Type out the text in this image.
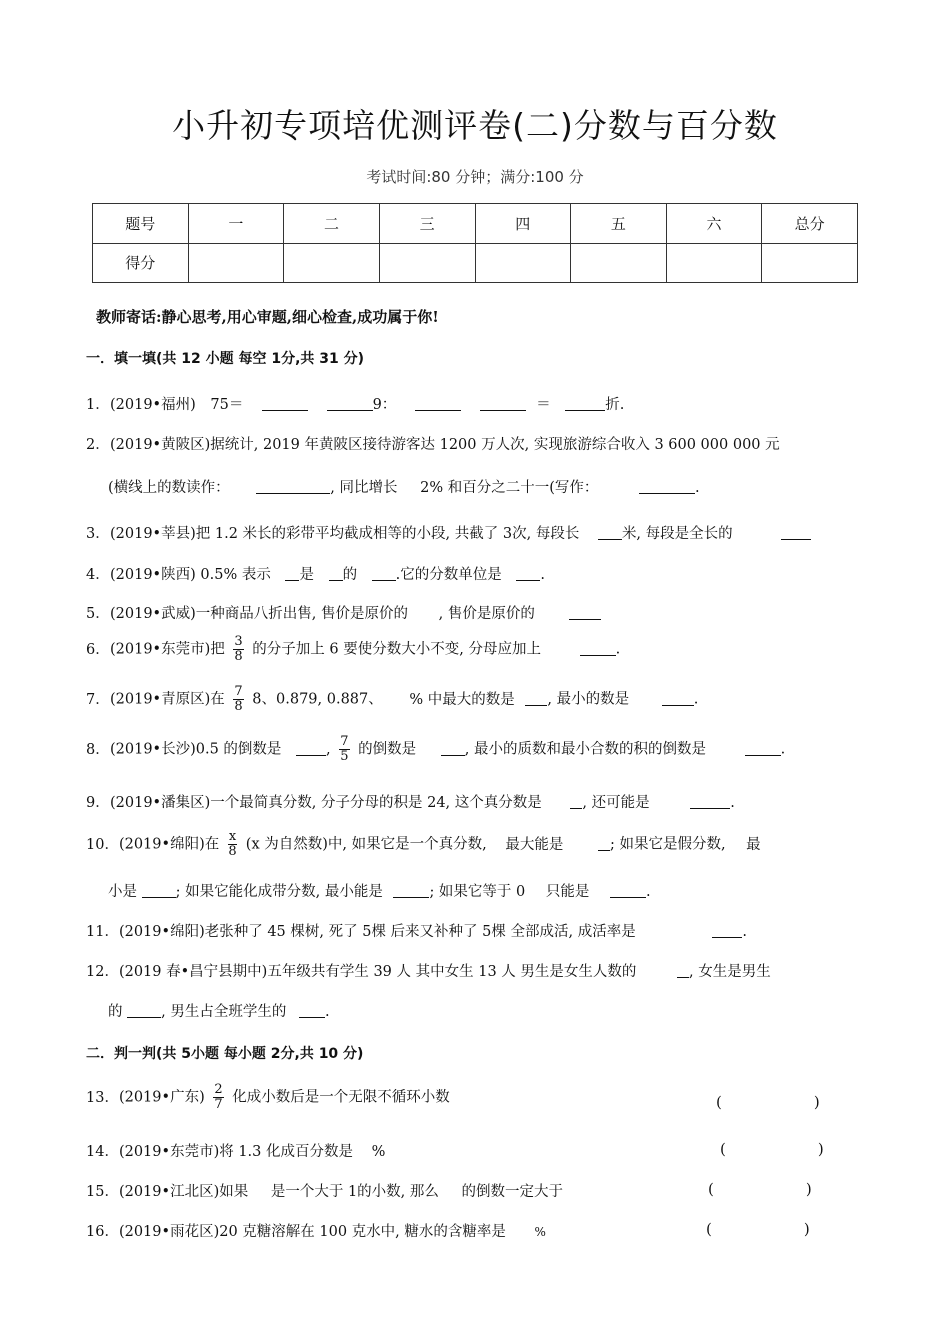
小升初专项培优测评卷(二)分数与百分数
考试时间:80 分钟；满分:100 分
题号	一	二	三	四	五	六	总分
得分							
教师寄话:静心思考,用心审题,细心检查,成功属于你!
一．填一填(共 12 小题 每空 1分,共 31 分)
1．(2019•福州) 75＝	9：	＝	折.
2．(2019•黄陂区)据统计, 2019 年黄陂区接待游客达 1200 万人次, 实现旅游综合收入 3 600 000 000 元
(横线上的数读作：	, 同比增长 2% 和百分之二十一(写作：	.
3．(2019•莘县)把 1.2 米长的彩带平均截成相等的小段, 共截了 3次, 每段长	米, 每段是全长的
4．(2019•陕西) 0.5% 表示 是 的	.它的分数单位是	.
5．(2019•武威)一种商品八折出售, 售价是原价的 , 售价是原价的
6．(2019•东莞市)把 $\frac{3}{8}$ 的分子加上 6 要使分数大小不变, 分母应加上	.
7．(2019•青原区)在 $\frac{7}{8} 8$、0.879, 0.887、 % 中最大的数是 , 最小的数是	.
8．(2019•长沙)0.5 的倒数是	, $\frac{7}{5}$ 的倒数是	, 最小的质数和最小合数的积的倒数是	.
9．(2019•潘集区)一个最简真分数, 分子分母的积是 24, 这个真分数是	, 还可能是	.
10．(2019•绵阳)在 $\frac{x}{8} (x$ 为自然数)中, 如果它是一个真分数, 最大能是	; 如果它是假分数, 最
小是	; 如果它能化成带分数, 最小能是	; 如果它等于 0 只能是	.
11．(2019•绵阳)老张种了 45 棵树, 死了 5棵 后来又补种了 5棵 全部成活, 成活率是	.
12．(2019 春•昌宁县期中)五年级共有学生 39 人 其中女生 13 人 男生是女生人数的	, 女生是男生
的	, 男生占全班学生的	.
二．判一判(共 5小题 每小题 2分,共 10 分)
13．(2019•广东) $\frac{2}{7}$ 化成小数后是一个无限不循环小数	(	)
14．(2019•东莞市)将 1.3 化成百分数是 %	(	)
15．(2019•江北区)如果 是一个大于 1的小数, 那么 的倒数一定大于	(	)
16．(2019•雨花区)20 克糖溶解在 100 克水中, 糖水的含糖率是 %	(	)
